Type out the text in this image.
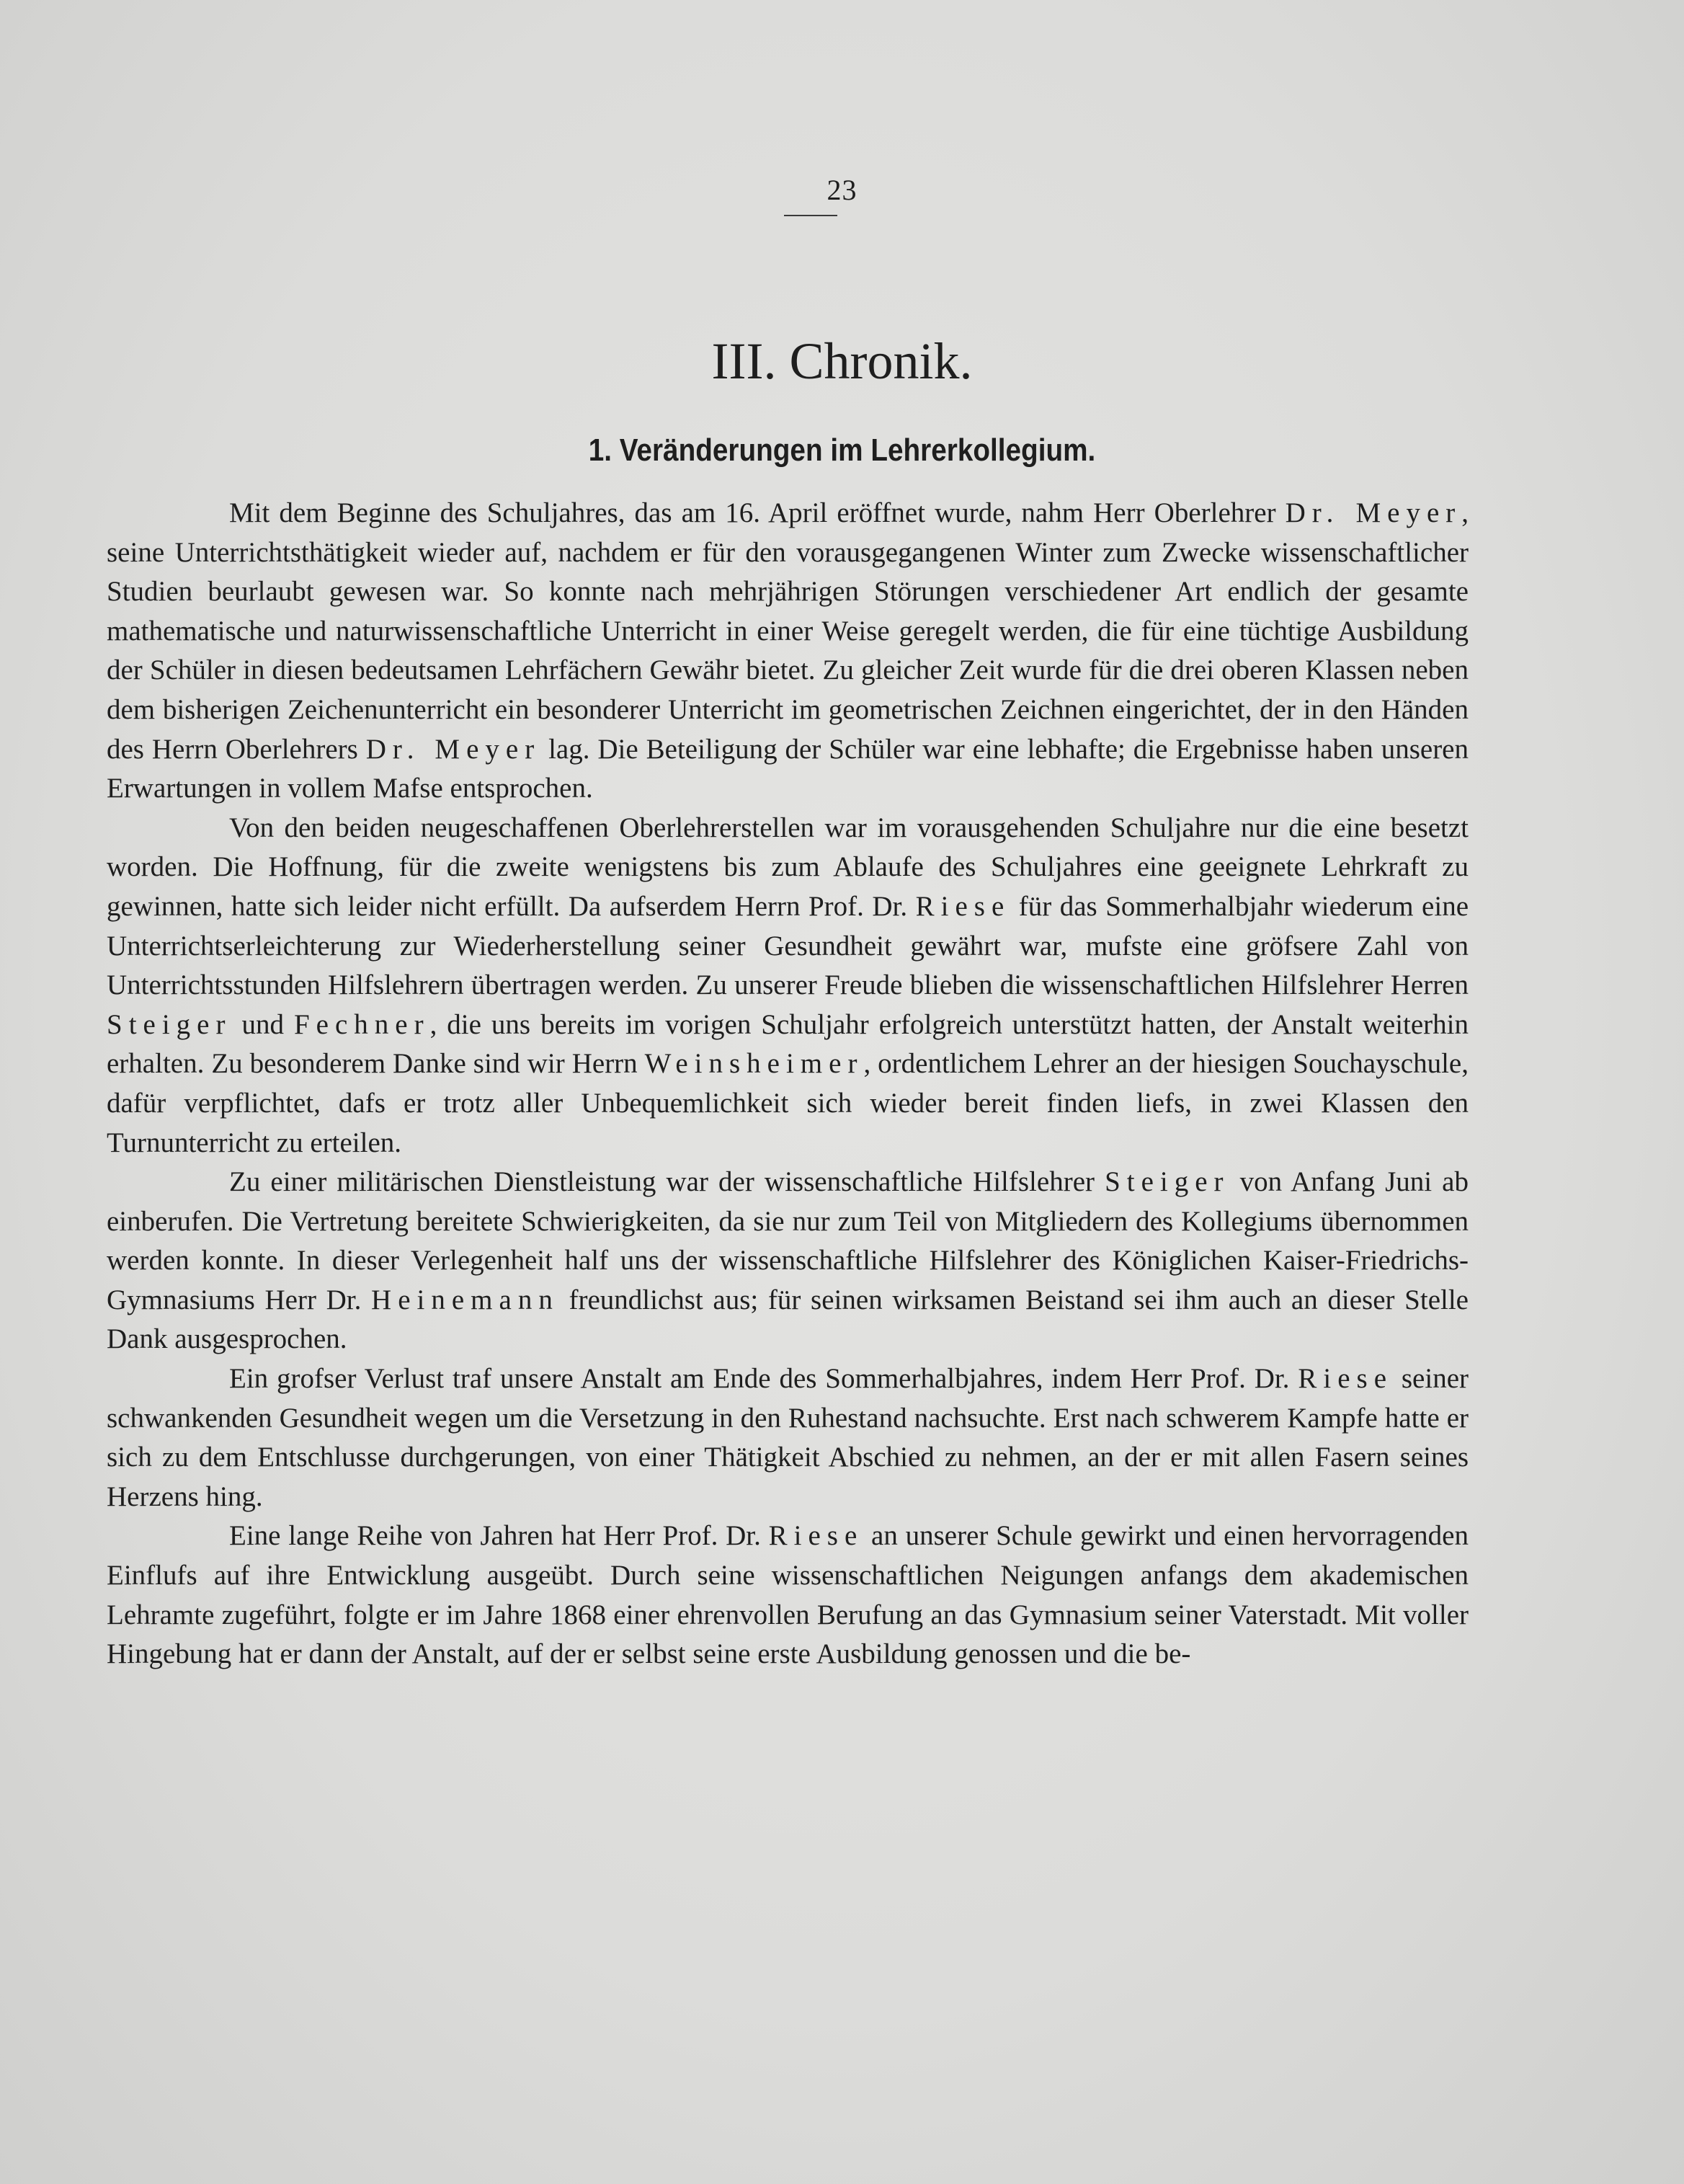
23
III. Chronik.
1. Veränderungen im Lehrerkollegium.

Mit dem Beginne des Schuljahres, das am 16. April eröffnet wurde, nahm Herr Oberlehrer Dr. Meyer, seine Unterrichtsthätigkeit wieder auf, nachdem er für den vorausgegangenen Winter zum Zwecke wissenschaftlicher Studien beurlaubt gewesen war. So konnte nach mehrjährigen Störungen verschiedener Art endlich der gesamte mathematische und naturwissenschaftliche Unterricht in einer Weise geregelt werden, die für eine tüchtige Ausbildung der Schüler in diesen bedeutsamen Lehrfächern Gewähr bietet. Zu gleicher Zeit wurde für die drei oberen Klassen neben dem bisherigen Zeichenunterricht ein besonderer Unterricht im geometrischen Zeichnen eingerichtet, der in den Händen des Herrn Oberlehrers Dr. Meyer lag. Die Beteiligung der Schüler war eine lebhafte; die Ergebnisse haben unseren Erwartungen in vollem Mafse entsprochen.

Von den beiden neugeschaffenen Oberlehrerstellen war im vorausgehenden Schuljahre nur die eine besetzt worden. Die Hoffnung, für die zweite wenigstens bis zum Ablaufe des Schuljahres eine geeignete Lehrkraft zu gewinnen, hatte sich leider nicht erfüllt. Da aufserdem Herrn Prof. Dr. Riese für das Sommerhalbjahr wiederum eine Unterrichtserleichterung zur Wiederherstellung seiner Gesundheit gewährt war, mufste eine gröfsere Zahl von Unterrichtsstunden Hilfslehrern übertragen werden. Zu unserer Freude blieben die wissenschaftlichen Hilfslehrer Herren Steiger und Fechner, die uns bereits im vorigen Schuljahr erfolgreich unterstützt hatten, der Anstalt weiterhin erhalten. Zu besonderem Danke sind wir Herrn Weinsheimer, ordentlichem Lehrer an der hiesigen Souchayschule, dafür verpflichtet, dafs er trotz aller Unbequemlichkeit sich wieder bereit finden liefs, in zwei Klassen den Turnunterricht zu erteilen.

Zu einer militärischen Dienstleistung war der wissenschaftliche Hilfslehrer Steiger von Anfang Juni ab einberufen. Die Vertretung bereitete Schwierigkeiten, da sie nur zum Teil von Mitgliedern des Kollegiums übernommen werden konnte. In dieser Verlegenheit half uns der wissenschaftliche Hilfslehrer des Königlichen Kaiser-Friedrichs-Gymnasiums Herr Dr. Heinemann freundlichst aus; für seinen wirksamen Beistand sei ihm auch an dieser Stelle Dank ausgesprochen.

Ein grofser Verlust traf unsere Anstalt am Ende des Sommerhalbjahres, indem Herr Prof. Dr. Riese seiner schwankenden Gesundheit wegen um die Versetzung in den Ruhestand nachsuchte. Erst nach schwerem Kampfe hatte er sich zu dem Entschlusse durchgerungen, von einer Thätigkeit Abschied zu nehmen, an der er mit allen Fasern seines Herzens hing.

Eine lange Reihe von Jahren hat Herr Prof. Dr. Riese an unserer Schule gewirkt und einen hervorragenden Einflufs auf ihre Entwicklung ausgeübt. Durch seine wissenschaftlichen Neigungen anfangs dem akademischen Lehramte zugeführt, folgte er im Jahre 1868 einer ehrenvollen Berufung an das Gymnasium seiner Vaterstadt. Mit voller Hingebung hat er dann der Anstalt, auf der er selbst seine erste Ausbildung genossen und die be-
